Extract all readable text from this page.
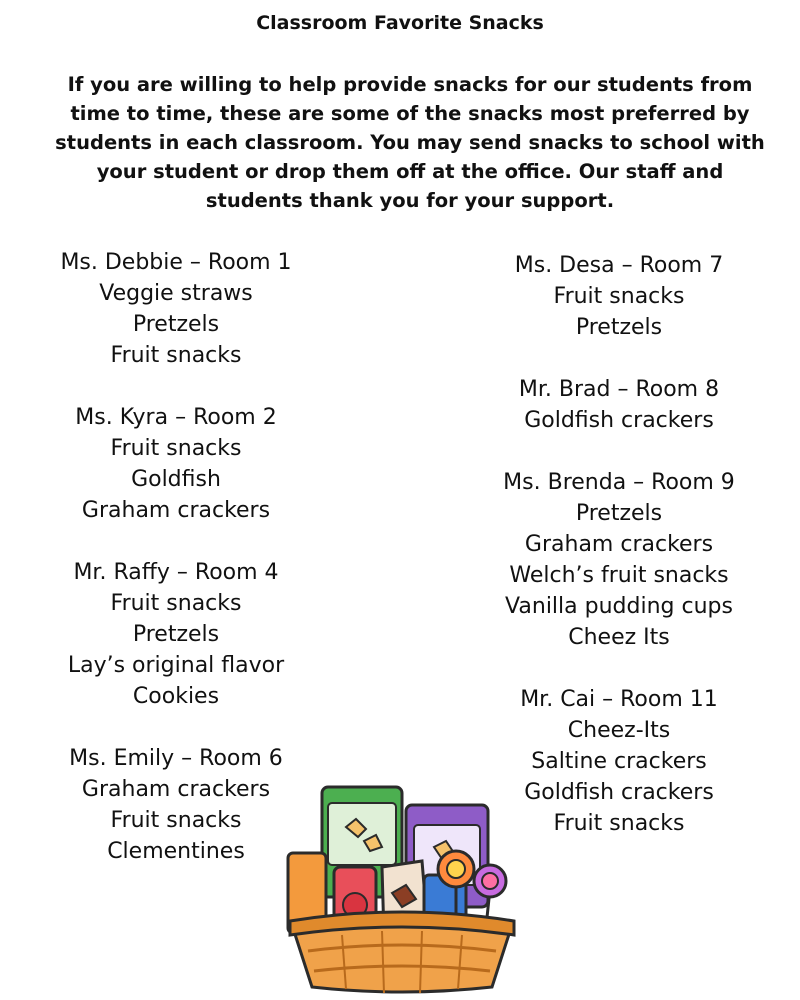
Classroom Favorite Snacks

If you are willing to help provide snacks for our students from time to time, these are some of the snacks most preferred by students in each classroom. You may send snacks to school with your student or drop them off at the office. Our staff and students thank you for your support.

Ms. Debbie – Room 1
Veggie straws
Pretzels
Fruit snacks
Ms. Kyra – Room 2
Fruit snacks
Goldfish
Graham crackers
Mr. Raffy – Room 4
Fruit snacks
Pretzels
Lay’s original flavor
Cookies
Ms. Emily – Room 6
Graham crackers
Fruit snacks
Clementines
Ms. Desa – Room 7
Fruit snacks
Pretzels
Mr. Brad – Room 8
Goldfish crackers
Ms. Brenda – Room 9
Pretzels
Graham crackers
Welch’s fruit snacks
Vanilla pudding cups
Cheez Its
Mr. Cai – Room 11
Cheez-Its
Saltine crackers
Goldfish crackers
Fruit snacks
